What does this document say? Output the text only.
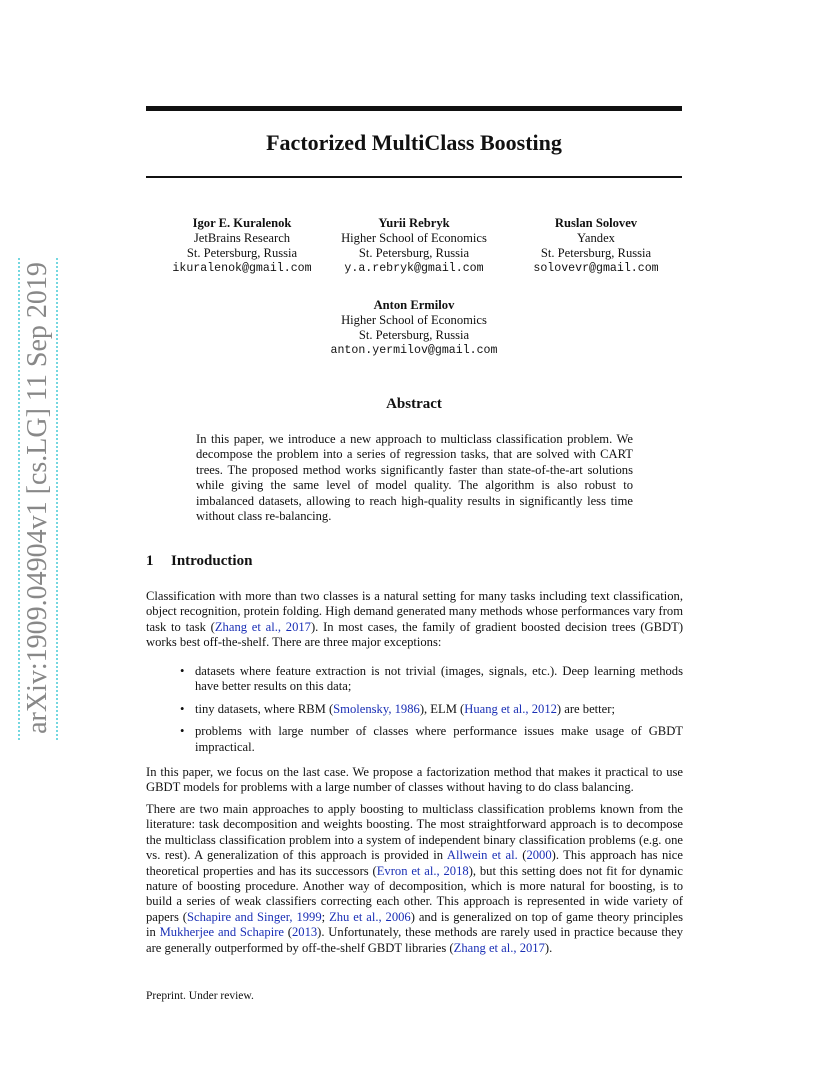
arXiv:1909.04904v1 [cs.LG] 11 Sep 2019
Factorized MultiClass Boosting
Igor E. Kuralenok
JetBrains Research
St. Petersburg, Russia
ikuralenok@gmail.com
Yurii Rebryk
Higher School of Economics
St. Petersburg, Russia
y.a.rebryk@gmail.com
Ruslan Solovev
Yandex
St. Petersburg, Russia
solovevr@gmail.com
Anton Ermilov
Higher School of Economics
St. Petersburg, Russia
anton.yermilov@gmail.com
Abstract
In this paper, we introduce a new approach to multiclass classification problem. We decompose the problem into a series of regression tasks, that are solved with CART trees. The proposed method works significantly faster than state-of-the-art solutions while giving the same level of model quality. The algorithm is also robust to imbalanced datasets, allowing to reach high-quality results in significantly less time without class re-balancing.
1 Introduction

Classification with more than two classes is a natural setting for many tasks including text classification, object recognition, protein folding. High demand generated many methods whose performances vary from task to task (Zhang et al., 2017). In most cases, the family of gradient boosted decision trees (GBDT) works best off-the-shelf. There are three major exceptions:

• datasets where feature extraction is not trivial (images, signals, etc.). Deep learning methods have better results on this data;
• tiny datasets, where RBM (Smolensky, 1986), ELM (Huang et al., 2012) are better;
• problems with large number of classes where performance issues make usage of GBDT impractical.

In this paper, we focus on the last case. We propose a factorization method that makes it practical to use GBDT models for problems with a large number of classes without having to do class balancing.

There are two main approaches to apply boosting to multiclass classification problems known from the literature: task decomposition and weights boosting. The most straightforward approach is to decompose the multiclass classification problem into a system of independent binary classification problems (e.g. one vs. rest). A generalization of this approach is provided in Allwein et al. (2000). This approach has nice theoretical properties and has its successors (Evron et al., 2018), but this setting does not fit for dynamic nature of boosting procedure. Another way of decomposition, which is more natural for boosting, is to build a series of weak classifiers correcting each other. This approach is represented in wide variety of papers (Schapire and Singer, 1999; Zhu et al., 2006) and is generalized on top of game theory principles in Mukherjee and Schapire (2013). Unfortunately, these methods are rarely used in practice because they are generally outperformed by off-the-shelf GBDT libraries (Zhang et al., 2017).

Preprint. Under review.
